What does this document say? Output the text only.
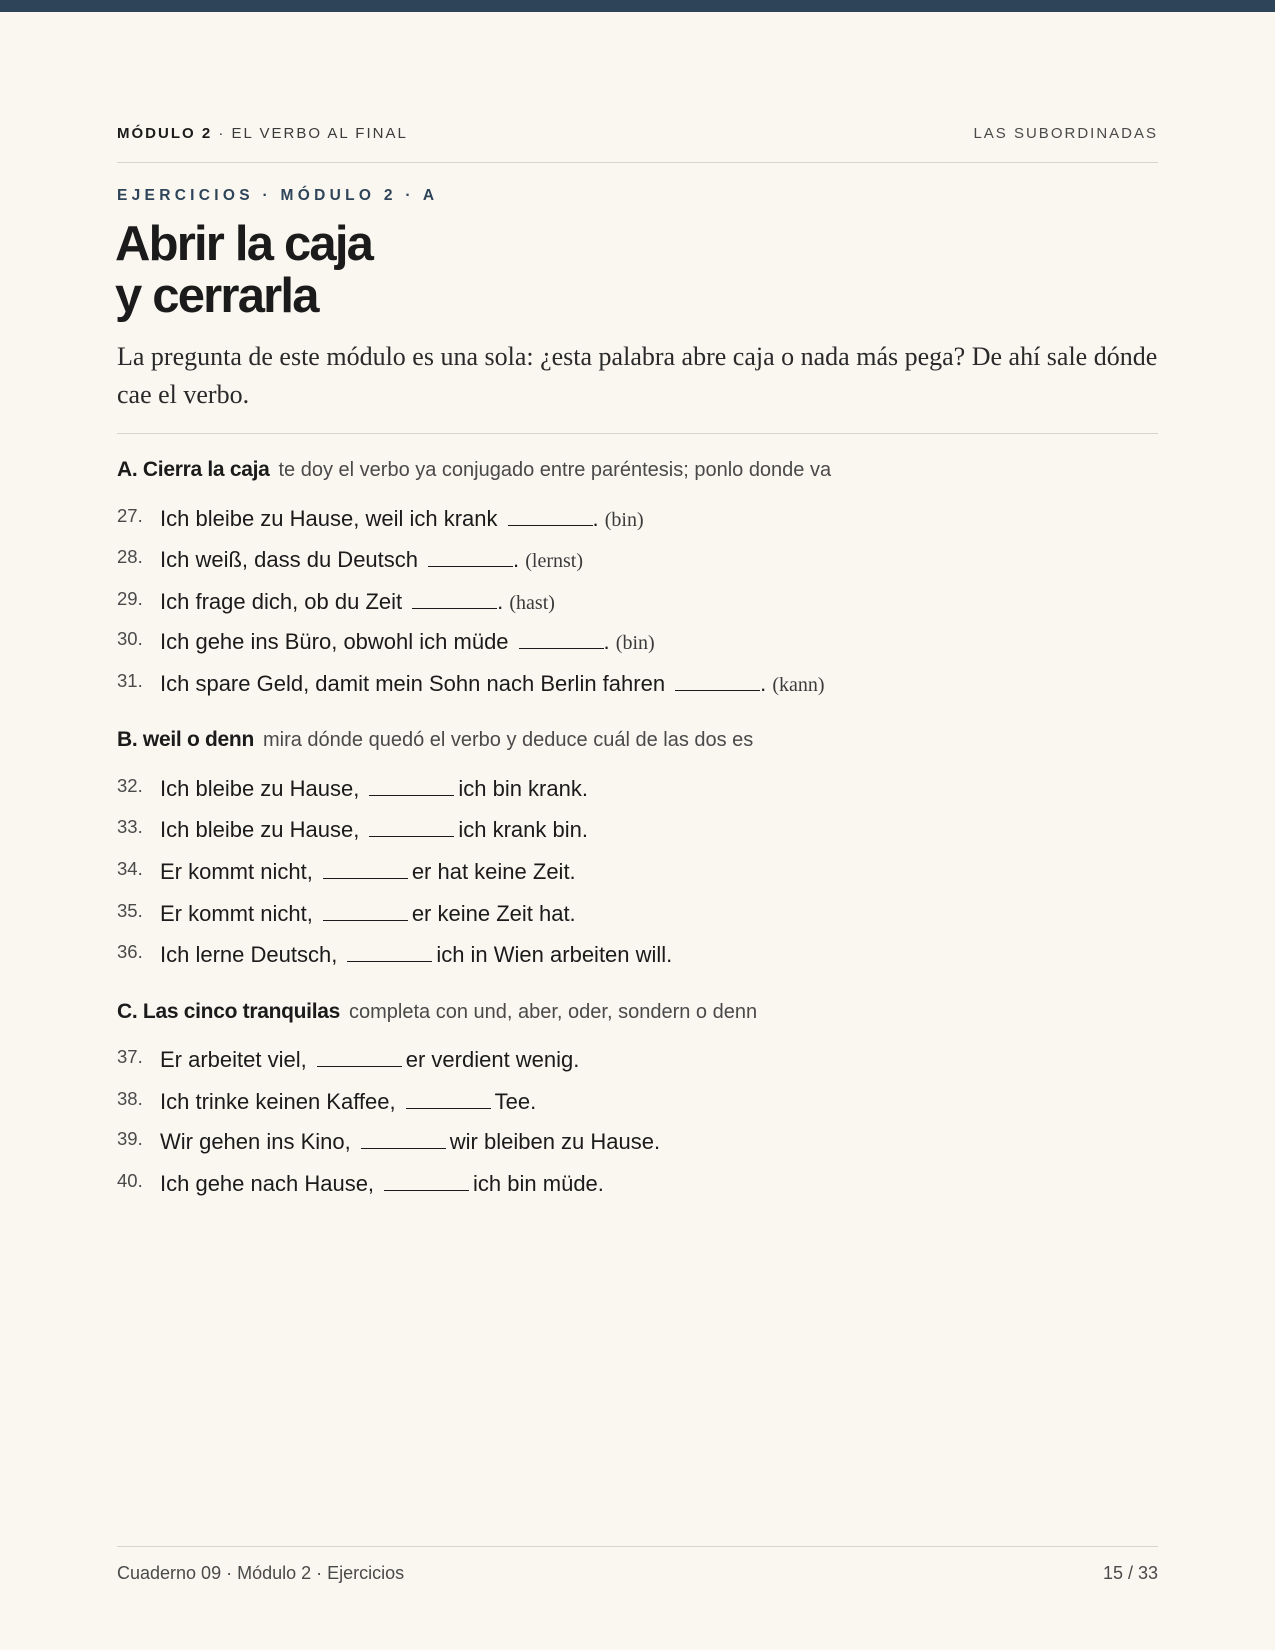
MÓDULO 2 · EL VERBO AL FINAL	LAS SUBORDINADAS
EJERCICIOS · MÓDULO 2 · A
Abrir la caja
y cerrarla

La pregunta de este módulo es una sola: ¿esta palabra abre caja o nada más pega? De ahí sale dónde cae el verbo.

A. Cierra la caja te doy el verbo ya conjugado entre paréntesis; ponlo donde va
27. Ich bleibe zu Hause, weil ich krank	. (bin)
28. Ich weiß, dass du Deutsch	. (lernst)
29. Ich frage dich, ob du Zeit	. (hast)
30. Ich gehe ins Büro, obwohl ich müde	. (bin)
31. Ich spare Geld, damit mein Sohn nach Berlin fahren	. (kann)
B. weil o denn mira dónde quedó el verbo y deduce cuál de las dos es
32. Ich bleibe zu Hause,	ich bin krank.
33. Ich bleibe zu Hause,	ich krank bin.
34. Er kommt nicht,	er hat keine Zeit.
35. Er kommt nicht,	er keine Zeit hat.
36. Ich lerne Deutsch,	ich in Wien arbeiten will.
C. Las cinco tranquilas completa con und, aber, oder, sondern o denn
37. Er arbeitet viel,	er verdient wenig.
38. Ich trinke keinen Kaffee,	Tee.
39. Wir gehen ins Kino,	wir bleiben zu Hause.
40. Ich gehe nach Hause,	ich bin müde.
Cuaderno 09 · Módulo 2 · Ejercicios	15 / 33
